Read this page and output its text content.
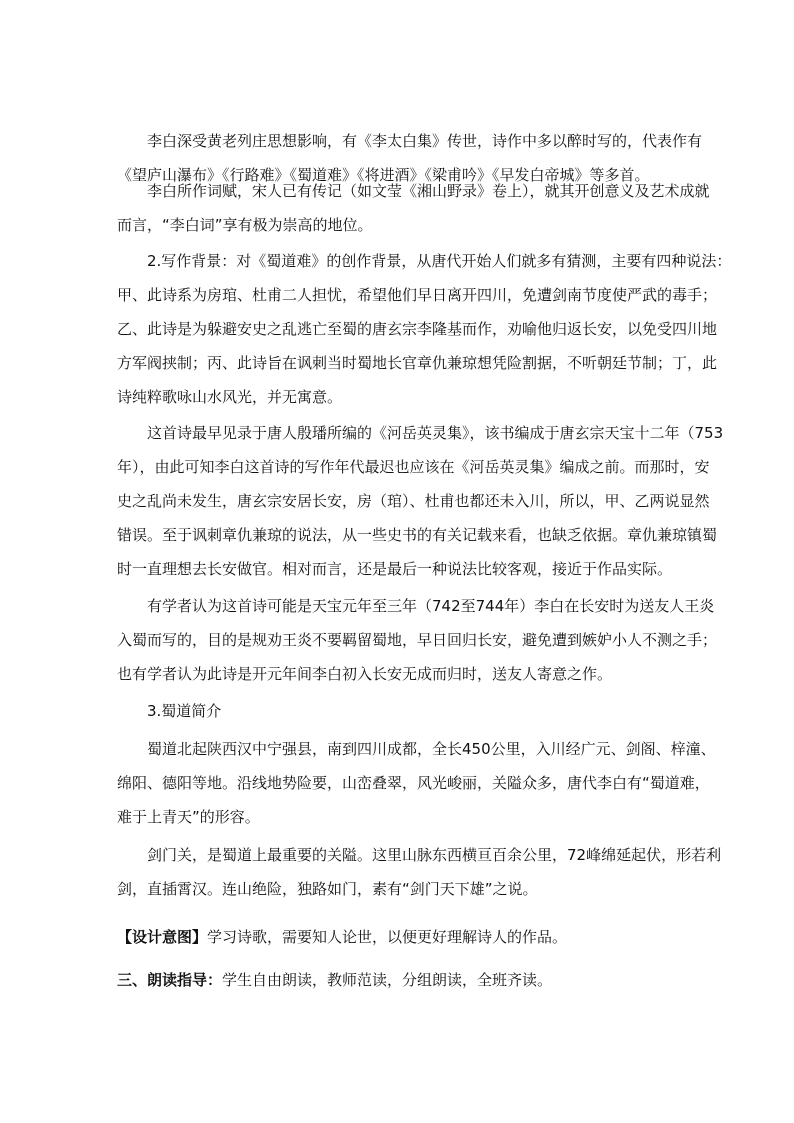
　　李白深受黄老列庄思想影响，有《李太白集》传世，诗作中多以醉时写的，代表作有
《望庐山瀑布》《行路难》《蜀道难》《将进酒》《梁甫吟》《早发白帝城》等多首。

　　李白所作词赋，宋人已有传记（如文莹《湘山野录》卷上），就其开创意义及艺术成就
而言，“李白词”享有极为崇高的地位。

　　2.写作背景：对《蜀道难》的创作背景，从唐代开始人们就多有猜测，主要有四种说法：
甲、此诗系为房琯、杜甫二人担忧，希望他们早日离开四川，免遭剑南节度使严武的毒手；
乙、此诗是为躲避安史之乱逃亡至蜀的唐玄宗李隆基而作，劝喻他归返长安，以免受四川地
方军阀挟制；丙、此诗旨在讽刺当时蜀地长官章仇兼琼想凭险割据，不听朝廷节制；丁，此
诗纯粹歌咏山水风光，并无寓意。

　　这首诗最早见录于唐人殷璠所编的《河岳英灵集》，该书编成于唐玄宗天宝十二年（753
年），由此可知李白这首诗的写作年代最迟也应该在《河岳英灵集》编成之前。而那时，安
史之乱尚未发生，唐玄宗安居长安，房（琯）、杜甫也都还未入川，所以，甲、乙两说显然
错误。至于讽刺章仇兼琼的说法，从一些史书的有关记载来看，也缺乏依据。章仇兼琼镇蜀
时一直理想去长安做官。相对而言，还是最后一种说法比较客观，接近于作品实际。

　　有学者认为这首诗可能是天宝元年至三年（742至744年）李白在长安时为送友人王炎
入蜀而写的，目的是规劝王炎不要羁留蜀地，早日回归长安，避免遭到嫉妒小人不测之手；
也有学者认为此诗是开元年间李白初入长安无成而归时，送友人寄意之作。

　　3.蜀道简介

　　蜀道北起陕西汉中宁强县，南到四川成都，全长450公里，入川经广元、剑阁、梓潼、
绵阳、德阳等地。沿线地势险要，山峦叠翠，风光峻丽，关隘众多，唐代李白有“蜀道难，
难于上青天”的形容。

　　剑门关，是蜀道上最重要的关隘。这里山脉东西横亘百余公里，72峰绵延起伏，形若利
剑，直插霄汉。连山绝险，独路如门，素有“剑门天下雄”之说。

【设计意图】学习诗歌，需要知人论世，以便更好理解诗人的作品。

三、朗读指导：学生自由朗读，教师范读，分组朗读，全班齐读。
